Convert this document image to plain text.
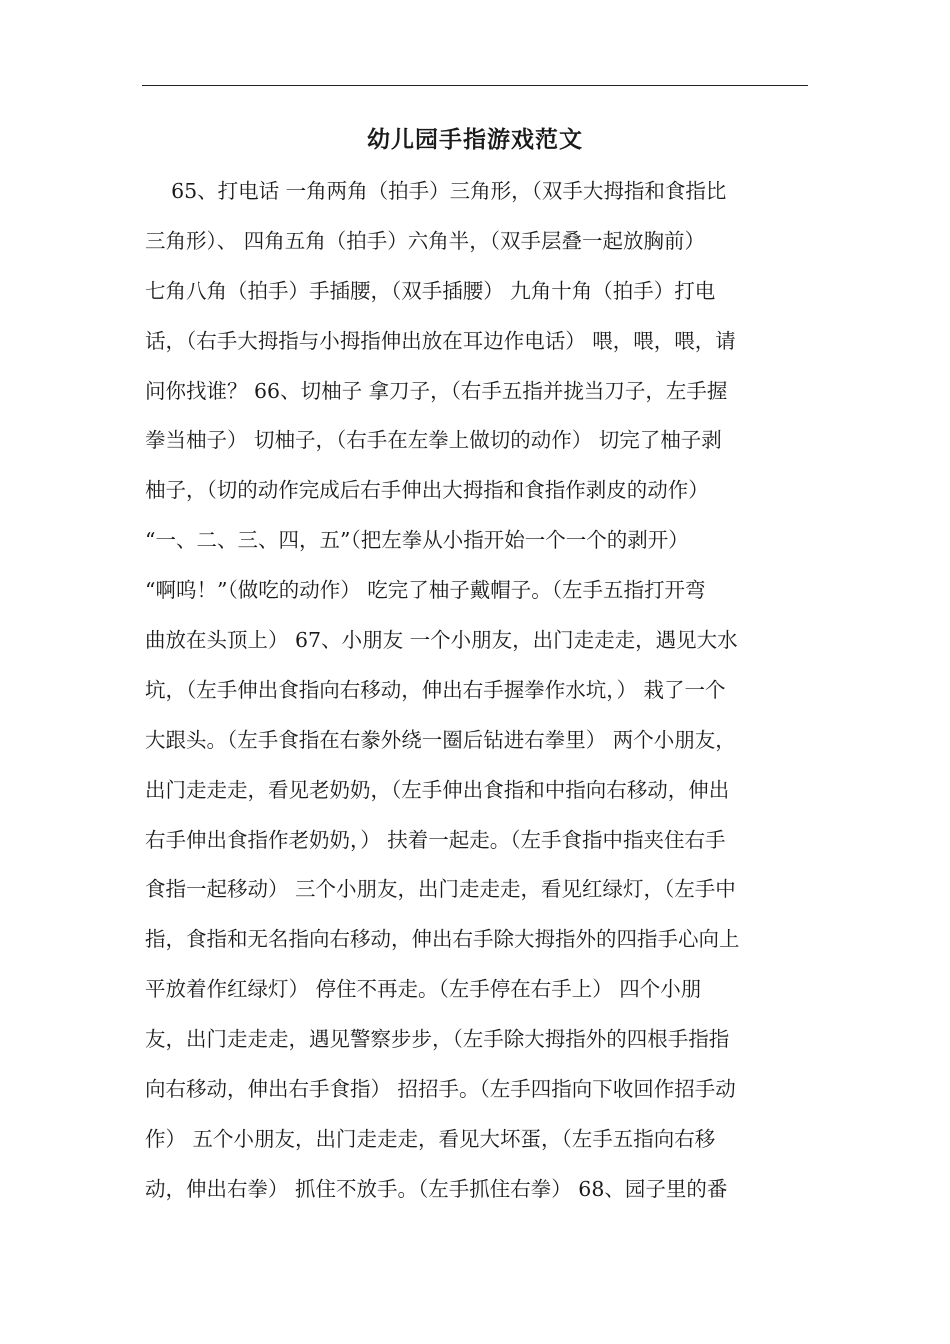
幼儿园手指游戏范文
65、打电话 一角两角（拍手）三角形，（双手大拇指和食指比
三角形）、 四角五角（拍手）六角半，（双手层叠一起放胸前）
七角八角（拍手）手插腰，（双手插腰） 九角十角（拍手）打电
话，（右手大拇指与小拇指伸出放在耳边作电话） 喂，喂，喂，请
问你找谁？ 66、切柚子 拿刀子，（右手五指并拢当刀子，左手握
拳当柚子） 切柚子，（右手在左拳上做切的动作） 切完了柚子剥
柚子，（切的动作完成后右手伸出大拇指和食指作剥皮的动作）
“一、二、三、四，五”（把左拳从小指开始一个一个的剥开）
“啊呜！”（做吃的动作） 吃完了柚子戴帽子。（左手五指打开弯
曲放在头顶上） 67、小朋友 一个小朋友，出门走走走，遇见大水
坑，（左手伸出食指向右移动，伸出右手握拳作水坑，） 栽了一个
大跟头。（左手食指在右豢外绕一圈后钻进右拳里） 两个小朋友，
出门走走走，看见老奶奶，（左手伸出食指和中指向右移动，伸出
右手伸出食指作老奶奶，） 扶着一起走。（左手食指中指夹住右手
食指一起移动） 三个小朋友，出门走走走，看见红绿灯，（左手中
指，食指和无名指向右移动，伸出右手除大拇指外的四指手心向上
平放着作红绿灯） 停住不再走。（左手停在右手上） 四个小朋
友，出门走走走，遇见警察步步，（左手除大拇指外的四根手指指
向右移动，伸出右手食指） 招招手。（左手四指向下收回作招手动
作） 五个小朋友，出门走走走，看见大坏蛋，（左手五指向右移
动，伸出右拳） 抓住不放手。（左手抓住右拳） 68、园子里的番
